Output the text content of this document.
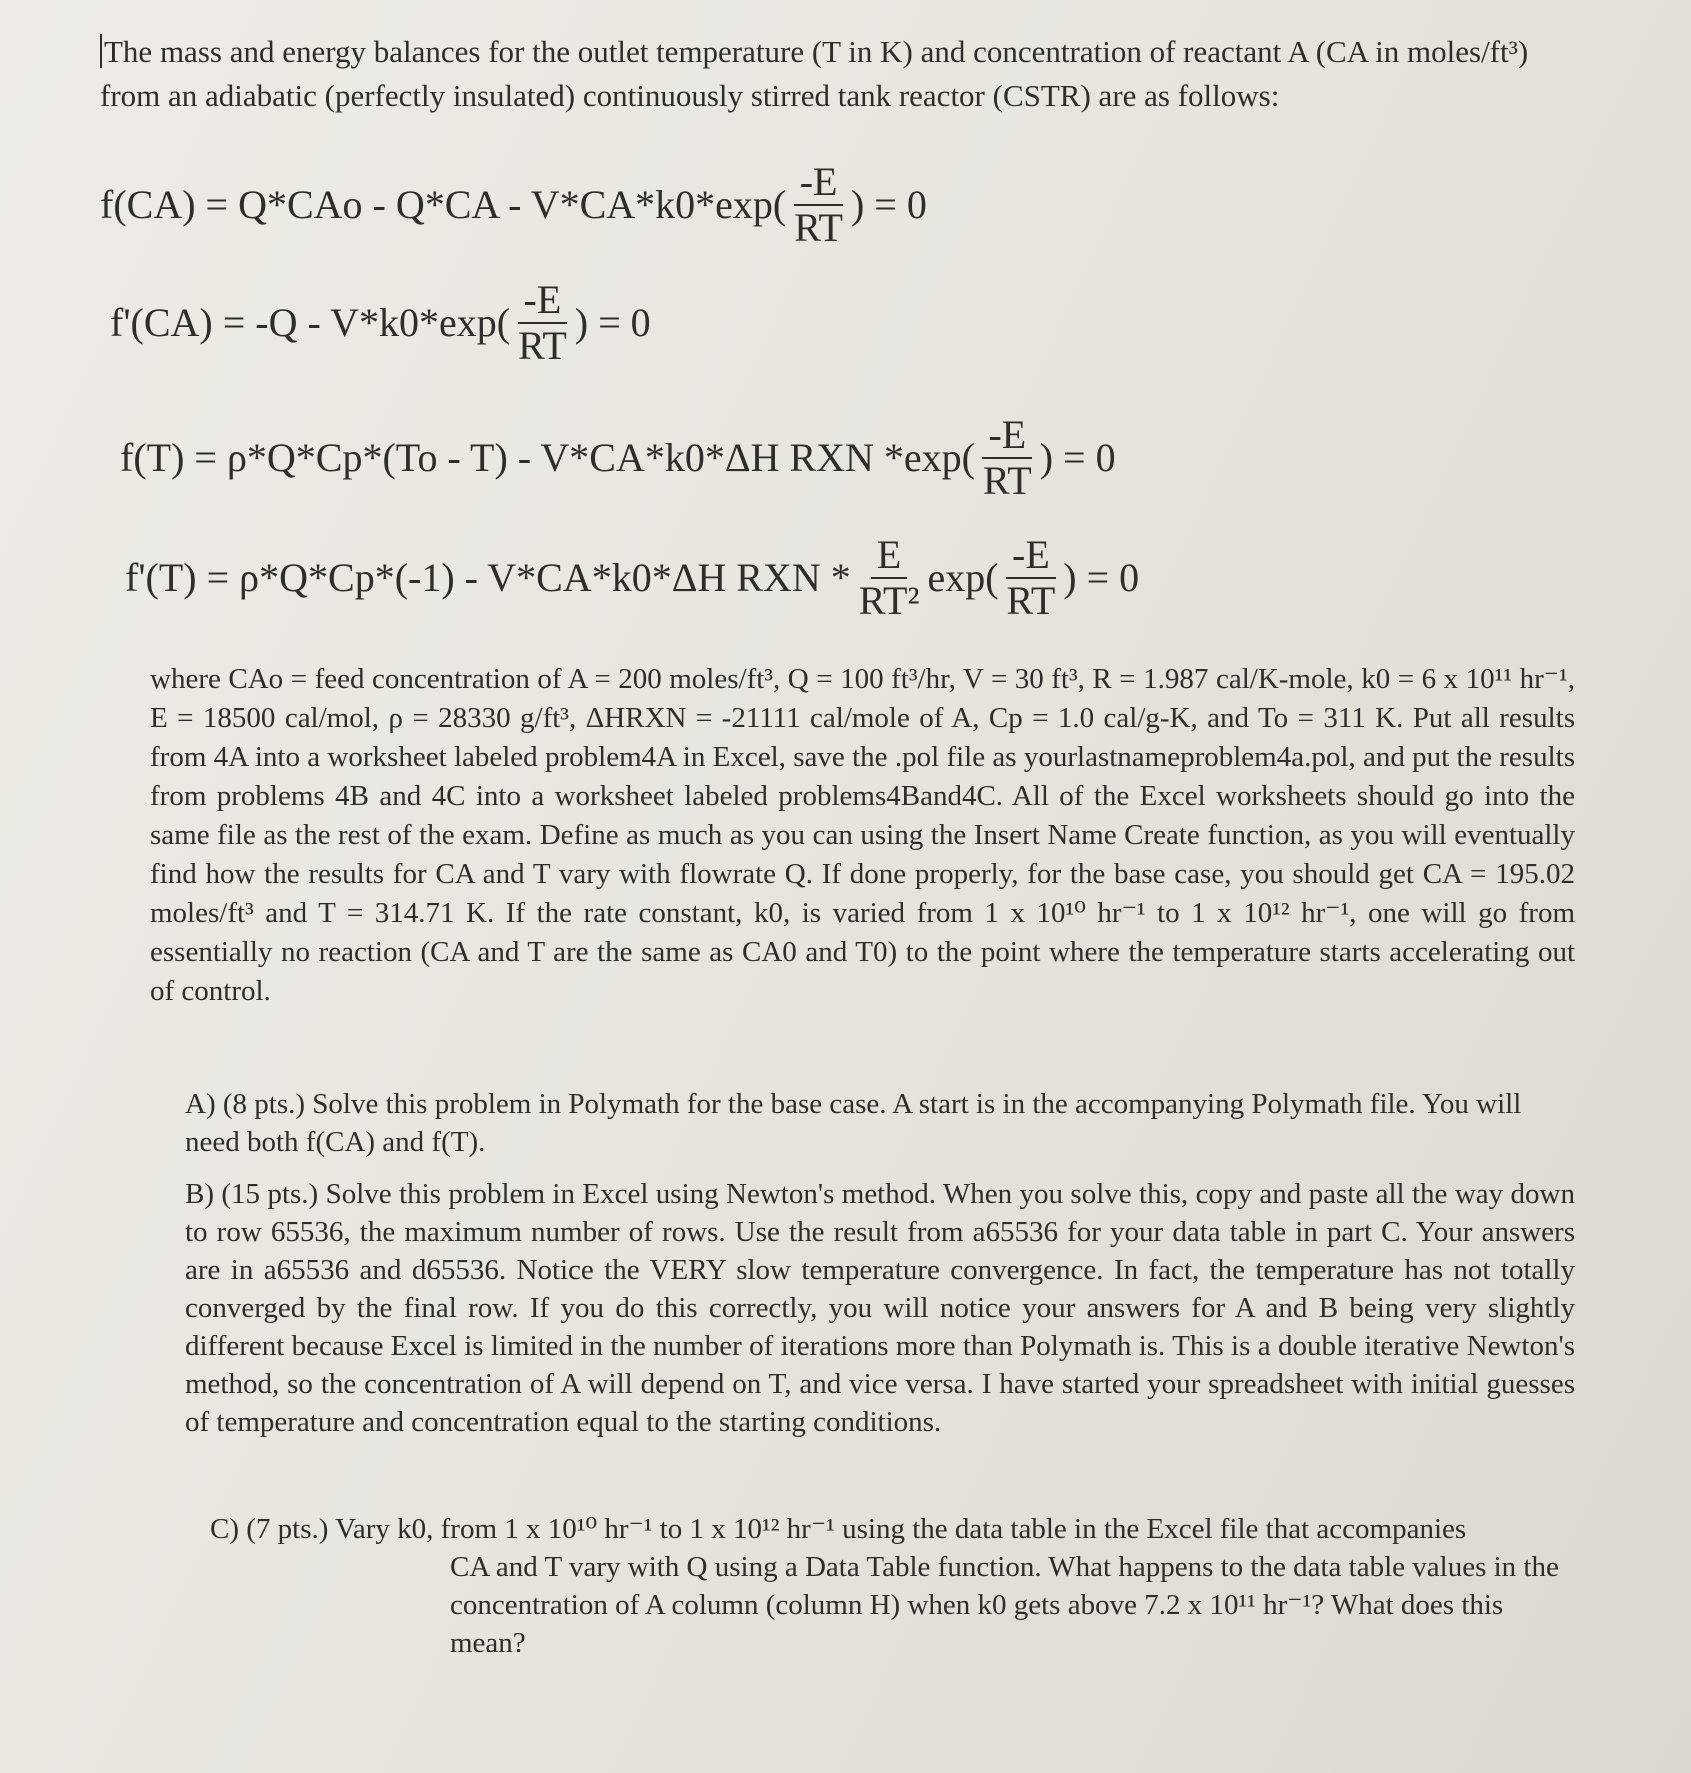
The mass and energy balances for the outlet temperature (T in K) and concentration of reactant A (CA in moles/ft³) from an adiabatic (perfectly insulated) continuously stirred tank reactor (CSTR) are as follows:

$f(CA) = Q*CAo - Q*CA - V*CA*k0*\exp( \frac{-E}{RT}$ ) = 0
$f'(CA) = -Q - V*k0*\exp( \frac{-E}{RT}$ ) = 0
f(T) = ρ*Q*Cp*(To - T) - V*CA*k0*ΔH RXN $*\exp( \frac{-E}{RT}$ ) = 0
f'(T) = ρ*Q*Cp*(-1) - V*CA*k0*ΔH RXN * $\frac{E}{\text{RT²}} \exp( \frac{-E}{RT}$ ) = 0

where CAo = feed concentration of A = 200 moles/ft³, Q = 100 ft³/hr, V = 30 ft³, R = 1.987 cal/K-mole, k0 = 6 x 10¹¹ hr⁻¹, E = 18500 cal/mol, ρ = 28330 g/ft³, ΔHRXN = -21111 cal/mole of A, Cp = 1.0 cal/g-K, and To = 311 K. Put all results from 4A into a worksheet labeled problem4A in Excel, save the .pol file as yourlastnameproblem4a.pol, and put the results from problems 4B and 4C into a worksheet labeled problems4Band4C. All of the Excel worksheets should go into the same file as the rest of the exam. Define as much as you can using the Insert Name Create function, as you will eventually find how the results for CA and T vary with flowrate Q. If done properly, for the base case, you should get CA = 195.02 moles/ft³ and T = 314.71 K. If the rate constant, k0, is varied from 1 x 10¹⁰ hr⁻¹ to 1 x 10¹² hr⁻¹, one will go from essentially no reaction (CA and T are the same as CA0 and T0) to the point where the temperature starts accelerating out of control.

A) (8 pts.) Solve this problem in Polymath for the base case. A start is in the accompanying Polymath file. You will need both f(CA) and f(T).

B) (15 pts.) Solve this problem in Excel using Newton's method. When you solve this, copy and paste all the way down to row 65536, the maximum number of rows. Use the result from a65536 for your data table in part C. Your answers are in a65536 and d65536. Notice the VERY slow temperature convergence. In fact, the temperature has not totally converged by the final row. If you do this correctly, you will notice your answers for A and B being very slightly different because Excel is limited in the number of iterations more than Polymath is. This is a double iterative Newton's method, so the concentration of A will depend on T, and vice versa. I have started your spreadsheet with initial guesses of temperature and concentration equal to the starting conditions.

C) (7 pts.) Vary k0, from 1 x 10¹⁰ hr⁻¹ to 1 x 10¹² hr⁻¹ using the data table in the Excel file that accompanies
CA and T vary with Q using a Data Table function. What happens to the data table values in the concentration of A column (column H) when k0 gets above 7.2 x 10¹¹ hr⁻¹? What does this mean?
